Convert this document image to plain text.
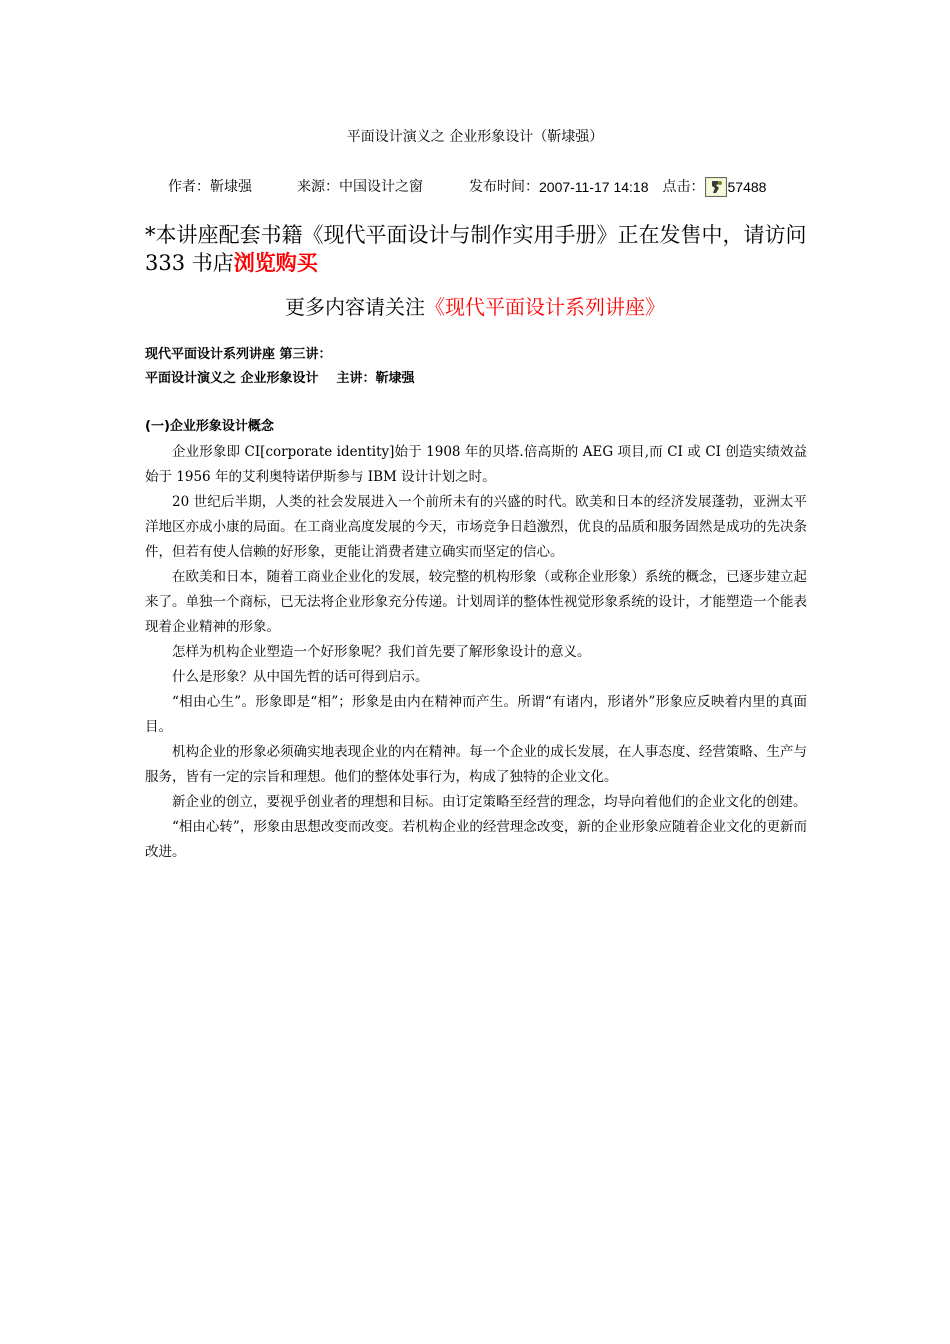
平面设计演义之 企业形象设计（靳埭强）
作者：靳埭强	来源：中国设计之窗	发布时间：2007-11-17 14:18 点击： 57488
*本讲座配套书籍《现代平面设计与制作实用手册》正在发售中，请访问 333 书店浏览购买
更多内容请关注《现代平面设计系列讲座》
现代平面设计系列讲座 第三讲：
平面设计演义之 企业形象设计 主讲：靳埭强
(一)企业形象设计概念

企业形象即 CI[corporate identity]始于 1908 年的贝塔.倍高斯的 AEG 项目,而 CI 或 CI 创造实绩效益始于 1956 年的艾利奥特诺伊斯参与 IBM 设计计划之时。

20 世纪后半期，人类的社会发展进入一个前所未有的兴盛的时代。欧美和日本的经济发展蓬勃，亚洲太平洋地区亦成小康的局面。在工商业高度发展的今天，市场竞争日趋激烈，优良的品质和服务固然是成功的先决条件，但若有使人信赖的好形象，更能让消费者建立确实而坚定的信心。

在欧美和日本，随着工商业企业化的发展，较完整的机构形象（或称企业形象）系统的概念，已逐步建立起来了。单独一个商标，已无法将企业形象充分传递。计划周详的整体性视觉形象系统的设计，才能塑造一个能表现着企业精神的形象。

怎样为机构企业塑造一个好形象呢？我们首先要了解形象设计的意义。

什么是形象？从中国先哲的话可得到启示。

“相由心生”。形象即是“相”；形象是由内在精神而产生。所谓“有诸内，形诸外”形象应反映着内里的真面目。

机构企业的形象必须确实地表现企业的内在精神。每一个企业的成长发展，在人事态度、经营策略、生产与服务，皆有一定的宗旨和理想。他们的整体处事行为，构成了独特的企业文化。

新企业的创立，要视乎创业者的理想和目标。由订定策略至经营的理念，均导向着他们的企业文化的创建。

“相由心转”，形象由思想改变而改变。若机构企业的经营理念改变，新的企业形象应随着企业文化的更新而改进。
